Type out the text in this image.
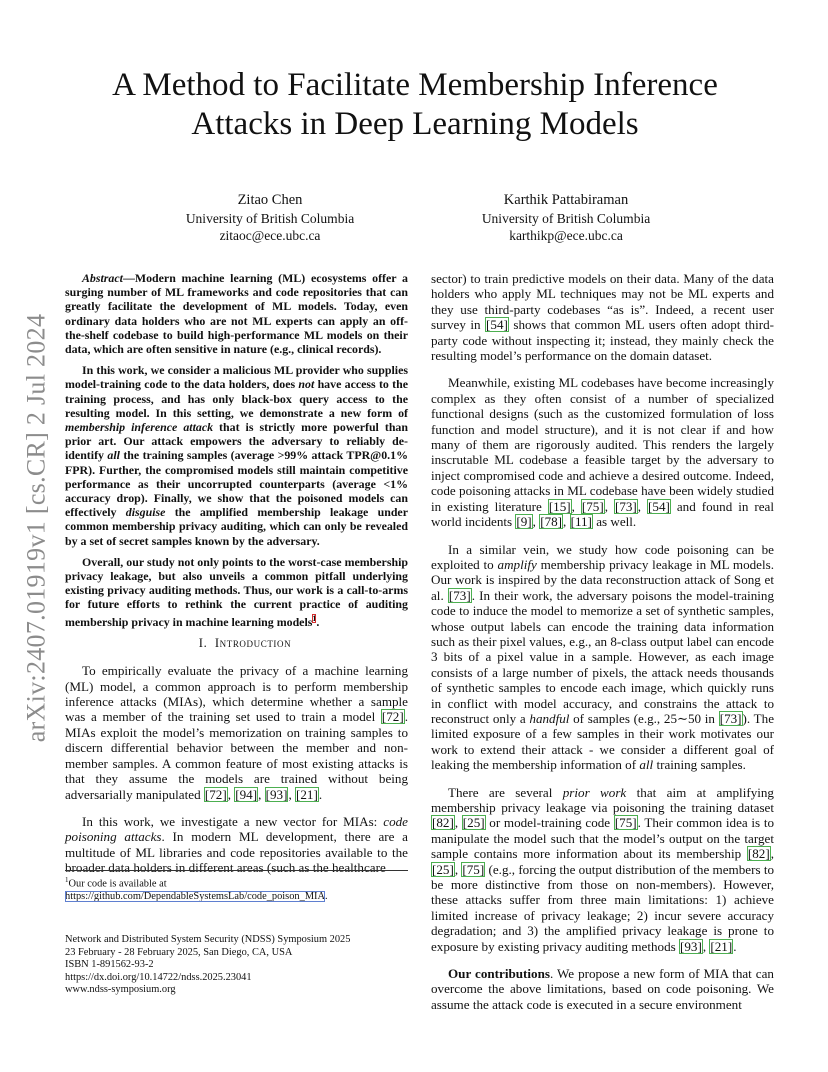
arXiv:2407.01919v1 [cs.CR] 2 Jul 2024
A Method to Facilitate Membership Inference Attacks in Deep Learning Models
Zitao Chen
University of British Columbia
zitaoc@ece.ubc.ca
Karthik Pattabiraman
University of British Columbia
karthikp@ece.ubc.ca

Abstract—Modern machine learning (ML) ecosystems offer a surging number of ML frameworks and code repositories that can greatly facilitate the development of ML models. Today, even ordinary data holders who are not ML experts can apply an off-the-shelf codebase to build high-performance ML models on their data, which are often sensitive in nature (e.g., clinical records).

In this work, we consider a malicious ML provider who supplies model-training code to the data holders, does not have access to the training process, and has only black-box query access to the resulting model. In this setting, we demonstrate a new form of membership inference attack that is strictly more powerful than prior art. Our attack empowers the adversary to reliably de-identify all the training samples (average >99% attack TPR@0.1% FPR). Further, the compromised models still maintain competitive performance as their uncorrupted counterparts (average <1% accuracy drop). Finally, we show that the poisoned models can effectively disguise the amplified membership leakage under common membership privacy auditing, which can only be revealed by a set of secret samples known by the adversary.

Overall, our study not only points to the worst-case membership privacy leakage, but also unveils a common pitfall underlying existing privacy auditing methods. Thus, our work is a call-to-arms for future efforts to rethink the current practice of auditing membership privacy in machine learning models$^1$.

I. Introduction

To empirically evaluate the privacy of a machine learning (ML) model, a common approach is to perform membership inference attacks (MIAs), which determine whether a sample was a member of the training set used to train a model [72]. MIAs exploit the model’s memorization on training samples to discern differential behavior between the member and non-member samples. A common feature of most existing attacks is that they assume the models are trained without being adversarially manipulated [72], [94], [93], [21].

In this work, we investigate a new vector for MIAs: code poisoning attacks. In modern ML development, there are a multitude of ML libraries and code repositories available to the broader data holders in different areas (such as the healthcare

$^1$Our code is available at https://github.com/DependableSystemsLab/code_poison_MIA.
Network and Distributed System Security (NDSS) Symposium 2025
23 February - 28 February 2025, San Diego, CA, USA
ISBN 1-891562-93-2
https://dx.doi.org/10.14722/ndss.2025.23041
www.ndss-symposium.org

sector) to train predictive models on their data. Many of the data holders who apply ML techniques may not be ML experts and they use third-party codebases “as is”. Indeed, a recent user survey in [54] shows that common ML users often adopt third-party code without inspecting it; instead, they mainly check the resulting model’s performance on the domain dataset.

Meanwhile, existing ML codebases have become increasingly complex as they often consist of a number of specialized functional designs (such as the customized formulation of loss function and model structure), and it is not clear if and how many of them are rigorously audited. This renders the largely inscrutable ML codebase a feasible target by the adversary to inject compromised code and achieve a desired outcome. Indeed, code poisoning attacks in ML codebase have been widely studied in existing literature [15], [75], [73], [54] and found in real world incidents [9], [78], [11] as well.

In a similar vein, we study how code poisoning can be exploited to amplify membership privacy leakage in ML models. Our work is inspired by the data reconstruction attack of Song et al. [73]. In their work, the adversary poisons the model-training code to induce the model to memorize a set of synthetic samples, whose output labels can encode the training data information such as their pixel values, e.g., an 8-class output label can encode 3 bits of a pixel value in a sample. However, as each image consists of a large number of pixels, the attack needs thousands of synthetic samples to encode each image, which quickly runs in conflict with model accuracy, and constrains the attack to reconstruct only a handful of samples (e.g., 25∼50 in [73]). The limited exposure of a few samples in their work motivates our work to extend their attack - we consider a different goal of leaking the membership information of all training samples.

There are several prior work that aim at amplifying membership privacy leakage via poisoning the training dataset [82], [25] or model-training code [75]. Their common idea is to manipulate the model such that the model’s output on the target sample contains more information about its membership [82], [25], [75] (e.g., forcing the output distribution of the members to be more distinctive from those on non-members). However, these attacks suffer from three main limitations: 1) achieve limited increase of privacy leakage; 2) incur severe accuracy degradation; and 3) the amplified privacy leakage is prone to exposure by existing privacy auditing methods [93], [21].

Our contributions. We propose a new form of MIA that can overcome the above limitations, based on code poisoning. We assume the attack code is executed in a secure environment
